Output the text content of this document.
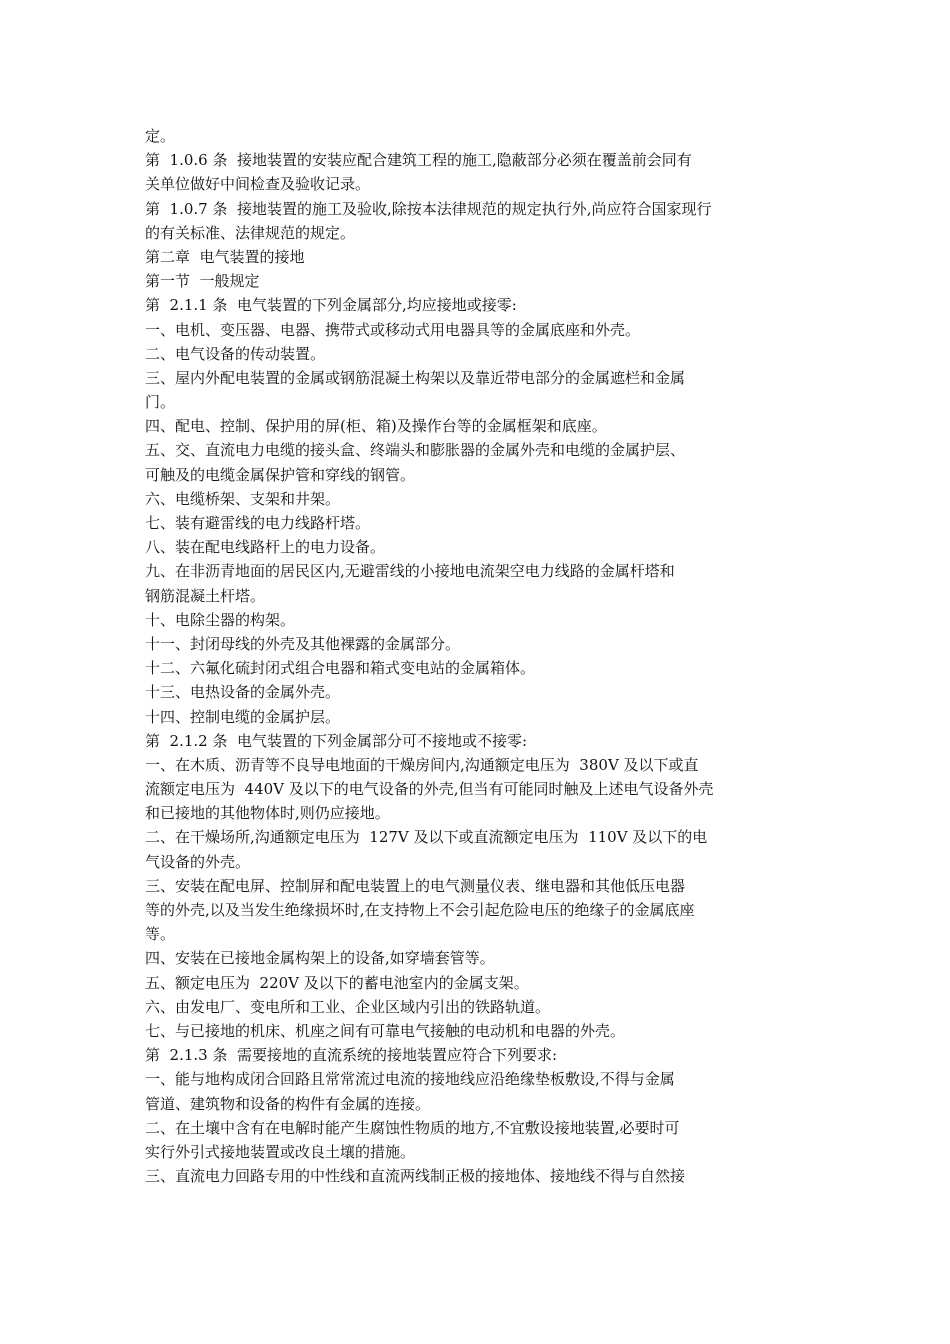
定。
第  1.0.6 条  接地装置的安装应配合建筑工程的施工,隐蔽部分必须在覆盖前会同有
关单位做好中间检查及验收记录。
第  1.0.7 条  接地装置的施工及验收,除按本法律规范的规定执行外,尚应符合国家现行
的有关标准、法律规范的规定。
第二章  电气装置的接地
第一节  一般规定
第  2.1.1 条  电气装置的下列金属部分,均应接地或接零:
一、电机、变压器、电器、携带式或移动式用电器具等的金属底座和外壳。
二、电气设备的传动装置。
三、屋内外配电装置的金属或钢筋混凝土构架以及靠近带电部分的金属遮栏和金属
门。
四、配电、控制、保护用的屏(柜、箱)及操作台等的金属框架和底座。
五、交、直流电力电缆的接头盒、终端头和膨胀器的金属外壳和电缆的金属护层、
可触及的电缆金属保护管和穿线的钢管。
六、电缆桥架、支架和井架。
七、装有避雷线的电力线路杆塔。
八、装在配电线路杆上的电力设备。
九、在非沥青地面的居民区内,无避雷线的小接地电流架空电力线路的金属杆塔和
钢筋混凝土杆塔。
十、电除尘器的构架。
十一、封闭母线的外壳及其他裸露的金属部分。
十二、六氟化硫封闭式组合电器和箱式变电站的金属箱体。
十三、电热设备的金属外壳。
十四、控制电缆的金属护层。
第  2.1.2 条  电气装置的下列金属部分可不接地或不接零:
一、在木质、沥青等不良导电地面的干燥房间内,沟通额定电压为  380V 及以下或直
流额定电压为  440V 及以下的电气设备的外壳,但当有可能同时触及上述电气设备外壳
和已接地的其他物体时,则仍应接地。
二、在干燥场所,沟通额定电压为  127V 及以下或直流额定电压为  110V 及以下的电
气设备的外壳。
三、安装在配电屏、控制屏和配电装置上的电气测量仪表、继电器和其他低压电器
等的外壳,以及当发生绝缘损坏时,在支持物上不会引起危险电压的绝缘子的金属底座
等。
四、安装在已接地金属构架上的设备,如穿墙套管等。
五、额定电压为  220V 及以下的蓄电池室内的金属支架。
六、由发电厂、变电所和工业、企业区域内引出的铁路轨道。
七、与已接地的机床、机座之间有可靠电气接触的电动机和电器的外壳。
第  2.1.3 条  需要接地的直流系统的接地装置应符合下列要求:
一、能与地构成闭合回路且常常流过电流的接地线应沿绝缘垫板敷设,不得与金属
管道、建筑物和设备的构件有金属的连接。
二、在土壤中含有在电解时能产生腐蚀性物质的地方,不宜敷设接地装置,必要时可
实行外引式接地装置或改良土壤的措施。
三、直流电力回路专用的中性线和直流两线制正极的接地体、接地线不得与自然接
